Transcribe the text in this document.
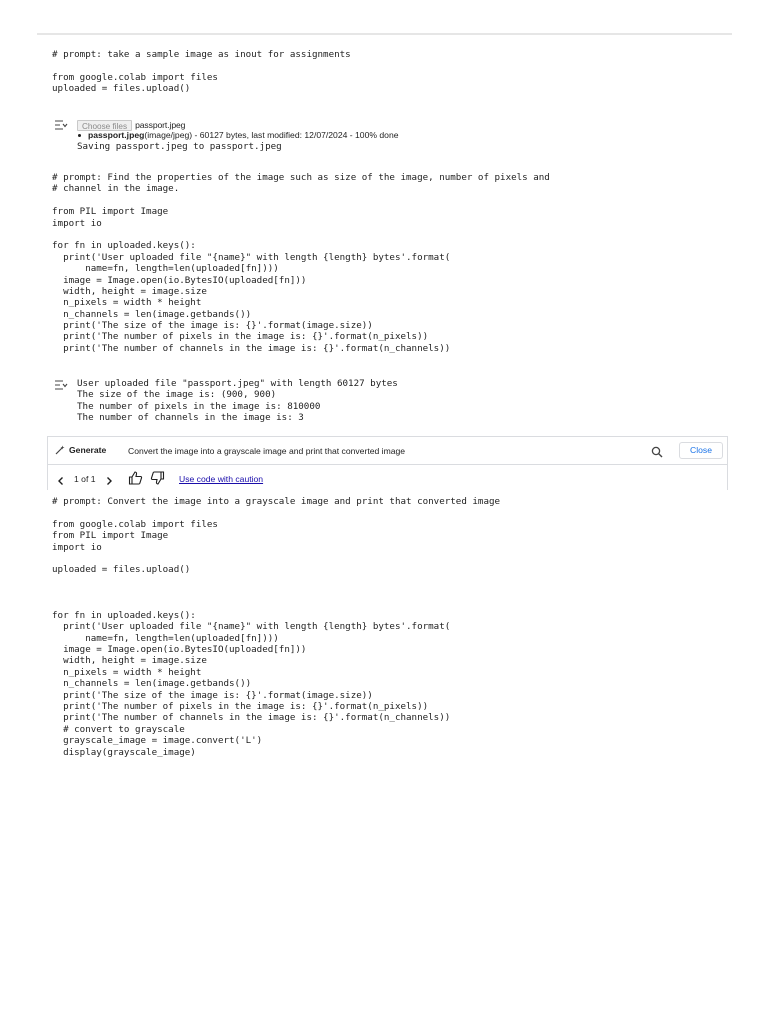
# prompt: take a sample image as inout for assignments
from google.colab import files
uploaded = files.upload()
Choose files passport.jpeg
passport.jpeg (image/jpeg) - 60127 bytes, last modified: 12/07/2024 - 100% done
Saving passport.jpeg to passport.jpeg
# prompt: Find the properties of the image such as size of the image, number of pixels and
# channel in the image.
from PIL import Image
import io
for fn in uploaded.keys():
print('User uploaded file "{name}" with length {length} bytes'.format(
name=fn, length=len(uploaded[fn])))
image = Image.open(io.BytesIO(uploaded[fn]))
width, height = image.size
n_pixels = width * height
n_channels = len(image.getbands())
print('The size of the image is: {}'.format(image.size))
print('The number of pixels in the image is: {}'.format(n_pixels))
print('The number of channels in the image is: {}'.format(n_channels))
User uploaded file "passport.jpeg" with length 60127 bytes
The size of the image is: (900, 900)
The number of pixels in the image is: 810000
The number of channels in the image is: 3
Generate
Convert the image into a grayscale image and print that converted image	Close
1 of 1	Use code with caution
# prompt: Convert the image into a grayscale image and print that converted image
from google.colab import files
from PIL import Image
import io
uploaded = files.upload()
for fn in uploaded.keys():
print('User uploaded file "{name}" with length {length} bytes'.format(
name=fn, length=len(uploaded[fn])))
image = Image.open(io.BytesIO(uploaded[fn]))
width, height = image.size
n_pixels = width * height
n_channels = len(image.getbands())
print('The size of the image is: {}'.format(image.size))
print('The number of pixels in the image is: {}'.format(n_pixels))
print('The number of channels in the image is: {}'.format(n_channels))
# convert to grayscale
grayscale_image = image.convert('L')
display(grayscale_image)
